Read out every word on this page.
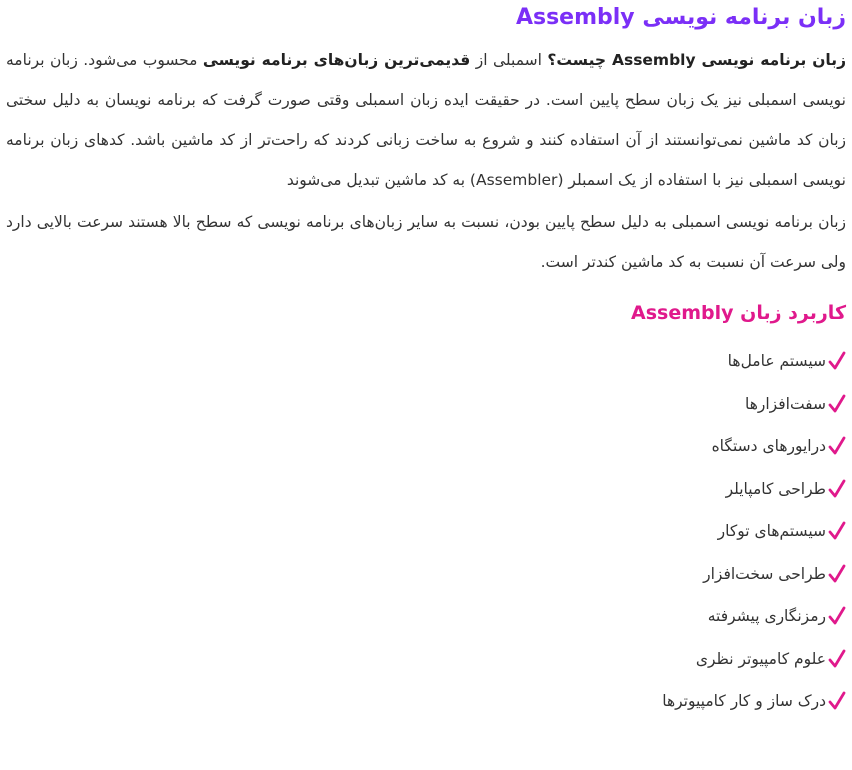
زبان برنامه نویسی Assembly

زبان برنامه نویسی Assembly چیست؟ اسمبلی از قدیمی‌ترین زبان‌های برنامه نویسی محسوب می‌شود. زبان برنامه نویسی اسمبلی نیز یک زبان سطح پایین است. در حقیقت ایده زبان اسمبلی وقتی صورت گرفت که برنامه نویسان به دلیل سختی زبان کد ماشین نمی‌توانستند از آن استفاده کنند و شروع به ساخت زبانی کردند که راحت‌تر از کد ماشین باشد. کدهای زبان برنامه نویسی اسمبلی نیز با استفاده از یک اسمبلر (Assembler) به کد ماشین تبدیل می‌شوند

زبان برنامه نویسی اسمبلی به دلیل سطح پایین بودن، نسبت به سایر زبان‌های برنامه نویسی که سطح بالا هستند سرعت بالایی دارد ولی سرعت آن نسبت به کد ماشین کندتر است.

کاربرد زبان Assembly
سیستم عامل‌ها
سفت‌افزارها
درایورهای دستگاه
طراحی کامپایلر
سیستم‌های توکار
طراحی سخت‌افزار
رمزنگاری پیشرفته
علوم کامپیوتر نظری
درک ساز و کار کامپیوترها
